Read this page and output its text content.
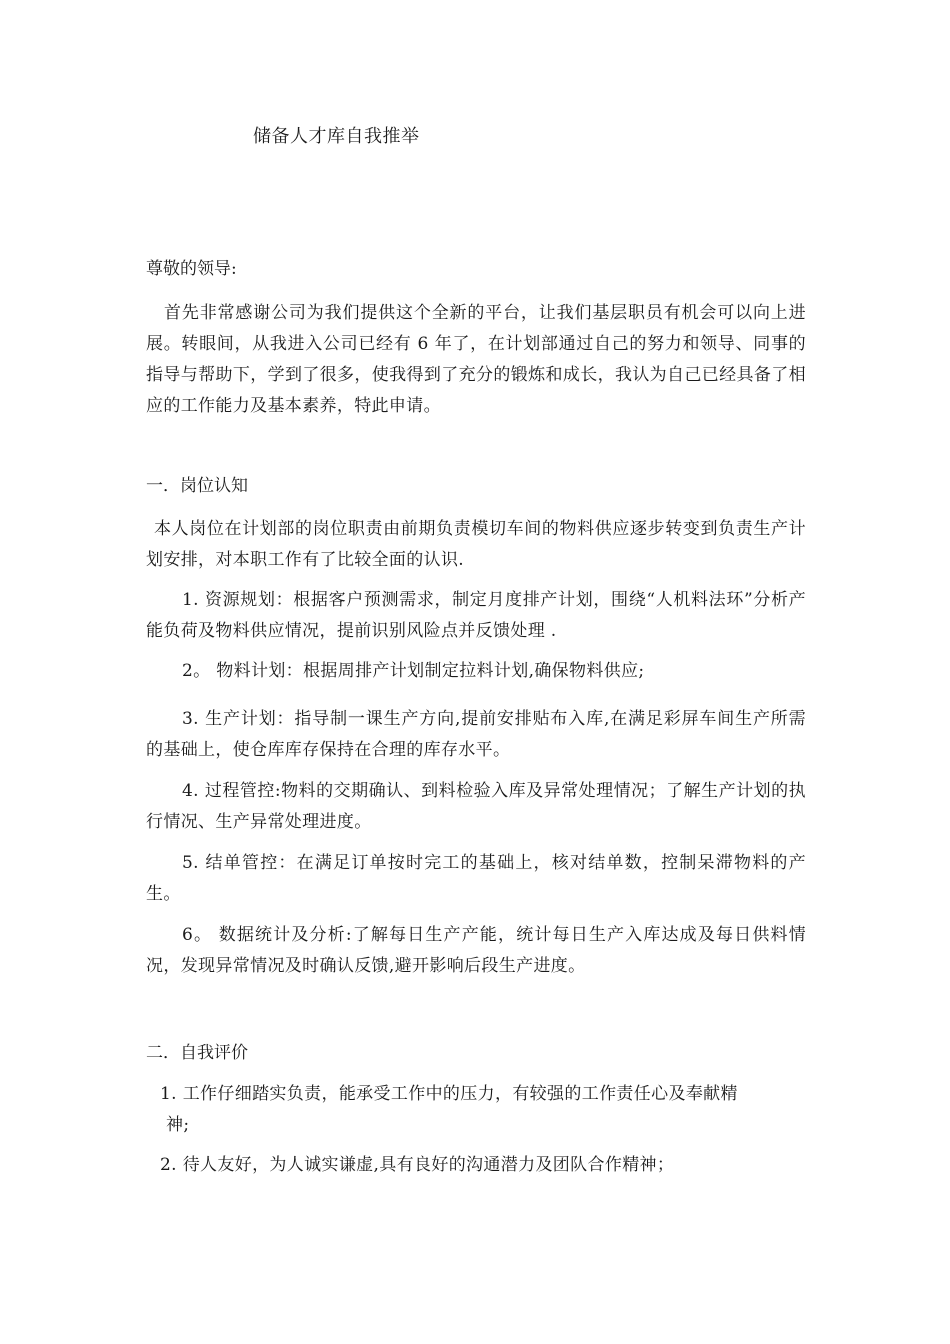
储备人才库自我推举
尊敬的领导:
首先非常感谢公司为我们提供这个全新的平台，让我们基层职员有机会可以向上进展。转眼间，从我进入公司已经有 6 年了，在计划部通过自己的努力和领导、同事的指导与帮助下，学到了很多，使我得到了充分的锻炼和成长，我认为自己已经具备了相应的工作能力及基本素养，特此申请。
一．岗位认知
本人岗位在计划部的岗位职责由前期负责模切车间的物料供应逐步转变到负责生产计划安排，对本职工作有了比较全面的认识.
1. 资源规划：根据客户预测需求，制定月度排产计划，围绕“人机料法环”分析产能负荷及物料供应情况，提前识别风险点并反馈处理 .
2。 物料计划：根据周排产计划制定拉料计划,确保物料供应;
3. 生产计划：指导制一课生产方向,提前安排贴布入库,在满足彩屏车间生产所需的基础上，使仓库库存保持在合理的库存水平。
4. 过程管控:物料的交期确认、到料检验入库及异常处理情况；了解生产计划的执行情况、生产异常处理进度。
5. 结单管控：在满足订单按时完工的基础上，核对结单数，控制呆滞物料的产生。
6。 数据统计及分析:了解每日生产产能，统计每日生产入库达成及每日供料情况，发现异常情况及时确认反馈,避开影响后段生产进度。
二．自我评价
1. 工作仔细踏实负责，能承受工作中的压力，有较强的工作责任心及奉献精
神;
2. 待人友好，为人诚实谦虚,具有良好的沟通潜力及团队合作精神；
